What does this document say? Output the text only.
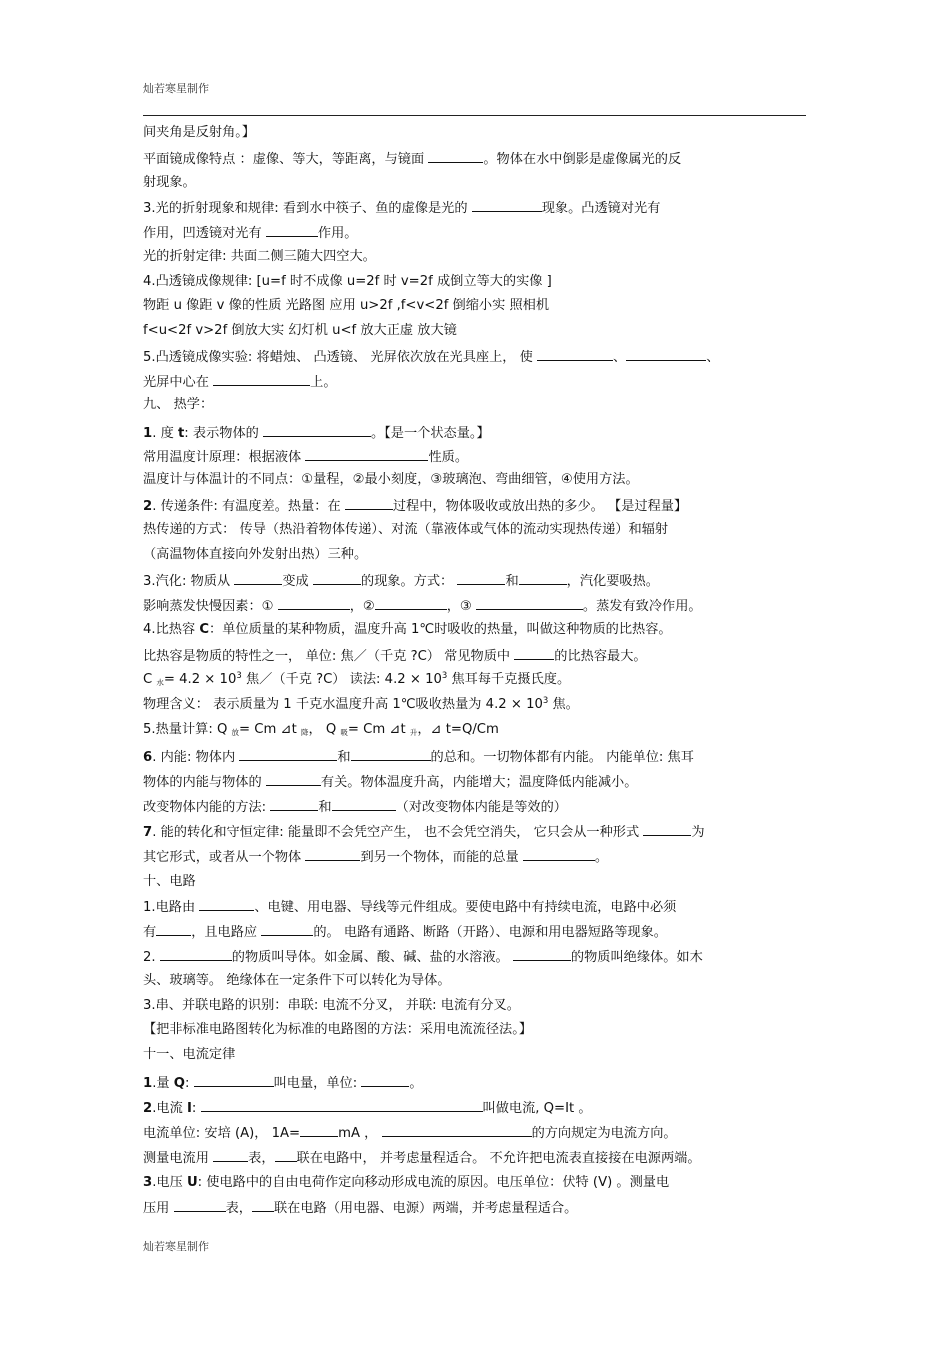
灿若寒星制作
间夹角是反射角。】
平面镜成像特点 ：虚像、等大，等距离，与镜面	。物体在水中倒影是虚像属光的反
射现象。
3.光的折射现象和规律: 看到水中筷子、鱼的虚像是光的	现象。凸透镜对光有
作用，凹透镜对光有	作用。
光的折射定律: 共面二侧三随大四空大。
4.凸透镜成像规律: [u=f 时不成像 u=2f 时 v=2f 成倒立等大的实像 ]
物距 u 像距 v 像的性质 光路图 应用 u>2f ,f<v<2f 倒缩小实 照相机
f<u<2f v>2f 倒放大实 幻灯机 u<f 放大正虚 放大镜
5.凸透镜成像实验: 将蜡烛、 凸透镜、 光屏依次放在光具座上， 使	、	、
光屏中心在	上。
九、 热学：
1. 度 t: 表示物体的	。【是一个状态量。】
常用温度计原理：根据液体	性质。
温度计与体温计的不同点：①量程，②最小刻度，③玻璃泡、弯曲细管，④使用方法。
2. 传递条件: 有温度差。热量：在	过程中，物体吸收或放出热的多少。 【是过程量】
热传递的方式： 传导（热沿着物体传递）、对流（靠液体或气体的流动实现热传递）和辐射
（高温物体直接向外发射出热）三种。
3.汽化: 物质从	变成	的现象。方式：	和	，汽化要吸热。
影响蒸发快慢因素：①	，②	，③	。蒸发有致冷作用。
4.比热容 C：单位质量的某种物质，温度升高 1℃时吸收的热量，叫做这种物质的比热容。
比热容是物质的特性之一， 单位: 焦／（千克 ?C） 常见物质中	的比热容最大。
C $_水= 4.2 \times 10^3$ 焦／（千克 ?C） 读法: $4.2 \times 10^3$ 焦耳每千克摄氏度。
物理含义： 表示质量为 1 千克水温度升高 1℃吸收热量为 $4.2 \times 10^3$ 焦。
5.热量计算: Q $_放$= Cm ⊿t $_降$， Q $_吸$= Cm ⊿t $_升$，⊿ t=Q/Cm
6. 内能: 物体内	和	的总和。一切物体都有内能。 内能单位: 焦耳
物体的内能与物体的	有关。物体温度升高，内能增大；温度降低内能减小。
改变物体内能的方法:	和	（对改变物体内能是等效的）
7. 能的转化和守恒定律: 能量即不会凭空产生， 也不会凭空消失， 它只会从一种形式	为
其它形式，或者从一个物体	到另一个物体，而能的总量	。
十、电路
1.电路由	、电键、用电器、导线等元件组成。要使电路中有持续电流，电路中必须
有	，且电路应	的。 电路有通路、断路（开路）、电源和用电器短路等现象。
2.	的物质叫导体。如金属、酸、碱、盐的水溶液。	的物质叫绝缘体。如木
头、玻璃等。 绝缘体在一定条件下可以转化为导体。
3.串、并联电路的识别：串联: 电流不分叉， 并联: 电流有分叉。
【把非标准电路图转化为标准的电路图的方法：采用电流流径法。】
十一、电流定律
1.量 Q:	叫电量，单位:	。
2.电流 I:	叫做电流, Q=It 。
电流单位: 安培 (A)， 1A=	mA ，	的方向规定为电流方向。
测量电流用	表， 联在电路中， 并考虑量程适合。 不允许把电流表直接接在电源两端。
3.电压 U: 使电路中的自由电荷作定向移动形成电流的原因。电压单位：伏特 (V) 。测量电
压用	表， 联在电路（用电器、电源）两端，并考虑量程适合。
灿若寒星制作
